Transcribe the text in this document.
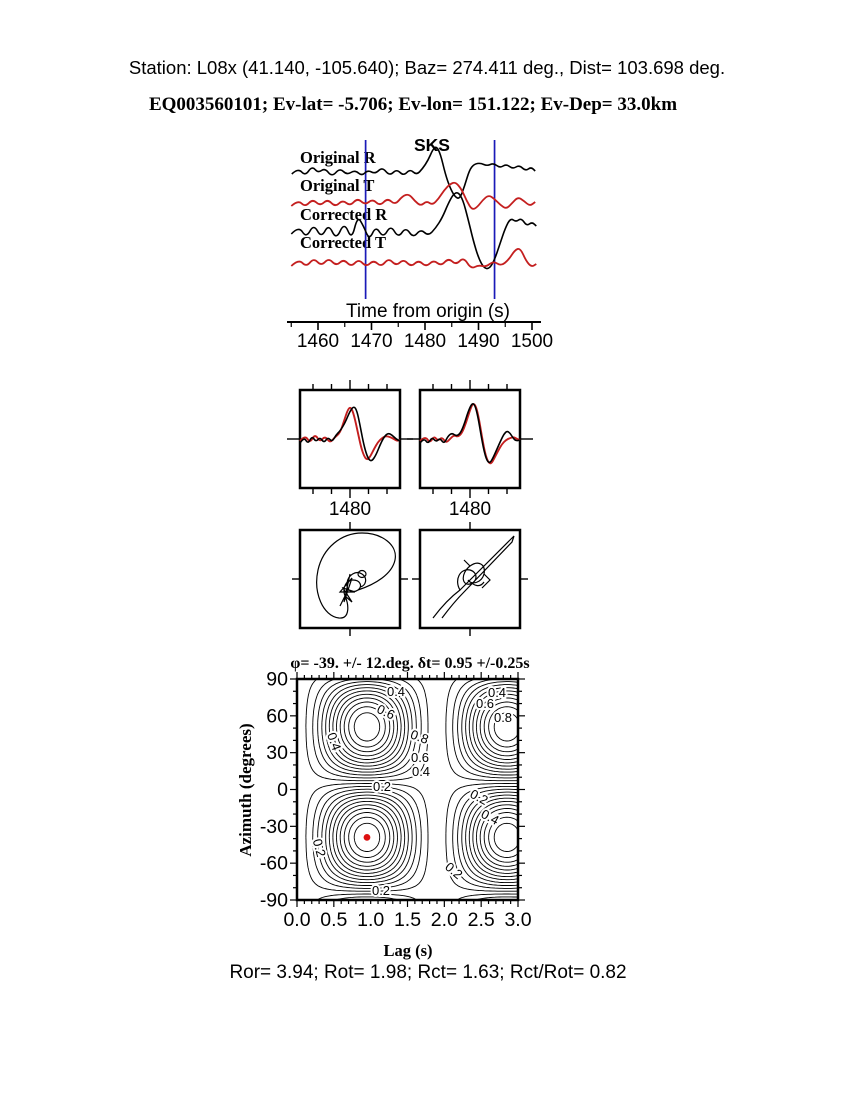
Station: L08x (41.140, -105.640); Baz= 274.411 deg., Dist= 103.698 deg.
EQ003560101; Ev-lat= -5.706; Ev-lon= 151.122; Ev-Dep= 33.0km
SKS
Original R
Original T
Corrected R
Corrected T
Time from origin (s)
φ= -39. +/- 12.deg. δt= 0.95 +/-0.25s
Azimuth (degrees)
Lag (s)
Ror= 3.94; Rot= 1.98; Rct= 1.63; Rct/Rot= 0.82
1460 1470 1480 1490 1500
1480	1480
90
60
30
0
-30
-60
-90
0.0 0.5 1.0 1.5 2.0 2.5 3.0
0.4
0.6
0.4	0.8
0.6
0.4
0.2	0.2
0.4
0.4
0.6
0.8
0.2
0.2
0.2
